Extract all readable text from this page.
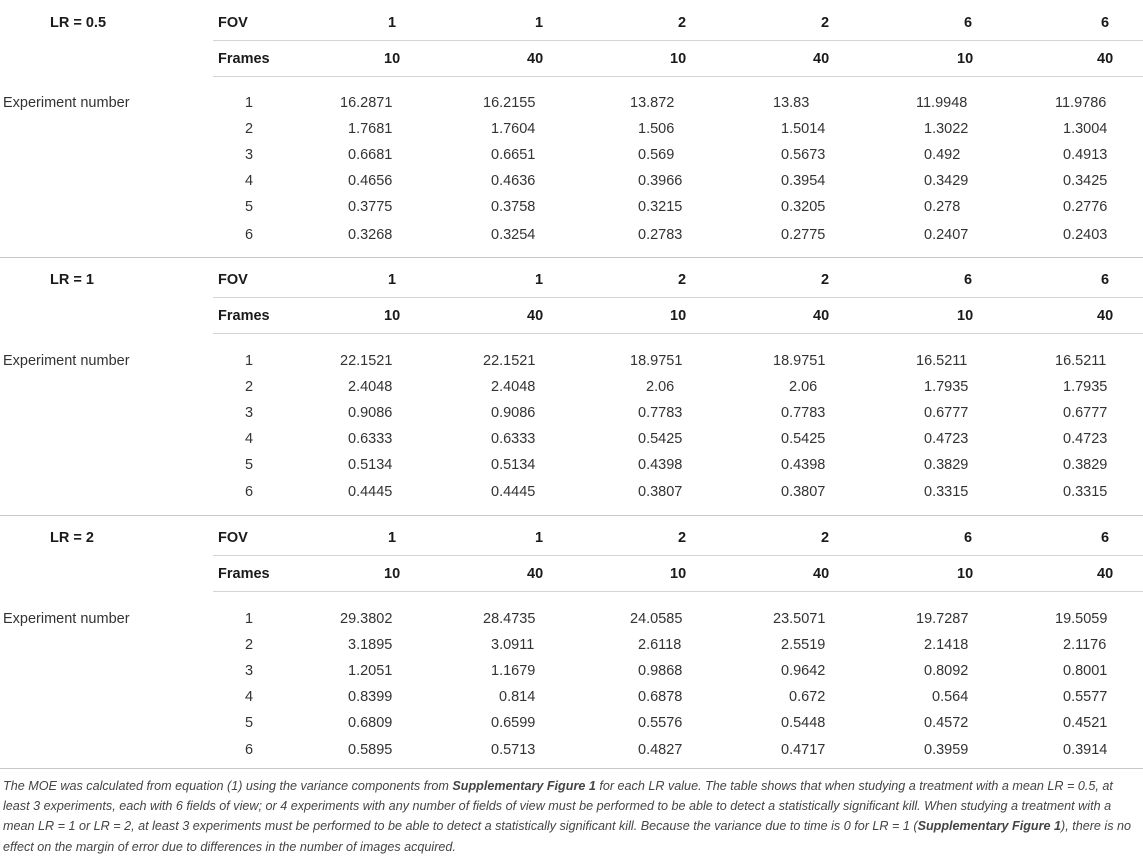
LR = 0.5	FOV	1	1	2	2	6	6
Frames	10	40	10	40	10	40
Experiment number	1	16.2871	16.2155	13.872	13.83	11.9948	11.9786
2	1.7681	1.7604	1.506	1.5014	1.3022	1.3004
3	0.6681	0.6651	0.569	0.5673	0.492	0.4913
4	0.4656	0.4636	0.3966	0.3954	0.3429	0.3425
5	0.3775	0.3758	0.3215	0.3205	0.278	0.2776
6	0.3268	0.3254	0.2783	0.2775	0.2407	0.2403
LR = 1	FOV	1	1	2	2	6	6
Frames	10	40	10	40	10	40
Experiment number	1	22.1521	22.1521	18.9751	18.9751	16.5211	16.5211
2	2.4048	2.4048	2.06	2.06	1.7935	1.7935
3	0.9086	0.9086	0.7783	0.7783	0.6777	0.6777
4	0.6333	0.6333	0.5425	0.5425	0.4723	0.4723
5	0.5134	0.5134	0.4398	0.4398	0.3829	0.3829
6	0.4445	0.4445	0.3807	0.3807	0.3315	0.3315
LR = 2	FOV	1	1	2	2	6	6
Frames	10	40	10	40	10	40
Experiment number	1	29.3802	28.4735	24.0585	23.5071	19.7287	19.5059
2	3.1895	3.0911	2.6118	2.5519	2.1418	2.1176
3	1.2051	1.1679	0.9868	0.9642	0.8092	0.8001
4	0.8399	0.814	0.6878	0.672	0.564	0.5577
5	0.6809	0.6599	0.5576	0.5448	0.4572	0.4521
6	0.5895	0.5713	0.4827	0.4717	0.3959	0.3914
The MOE was calculated from equation (1) using the variance components from Supplementary Figure 1 for each LR value. The table shows that when studying a treatment with a mean LR = 0.5, at least 3 experiments, each with 6 fields of view; or 4 experiments with any number of fields of view must be performed to be able to detect a statistically significant kill. When studying a treatment with a mean LR = 1 or LR = 2, at least 3 experiments must be performed to be able to detect a statistically significant kill. Because the variance due to time is 0 for LR = 1 (Supplementary Figure 1), there is no effect on the margin of error due to differences in the number of images acquired.
